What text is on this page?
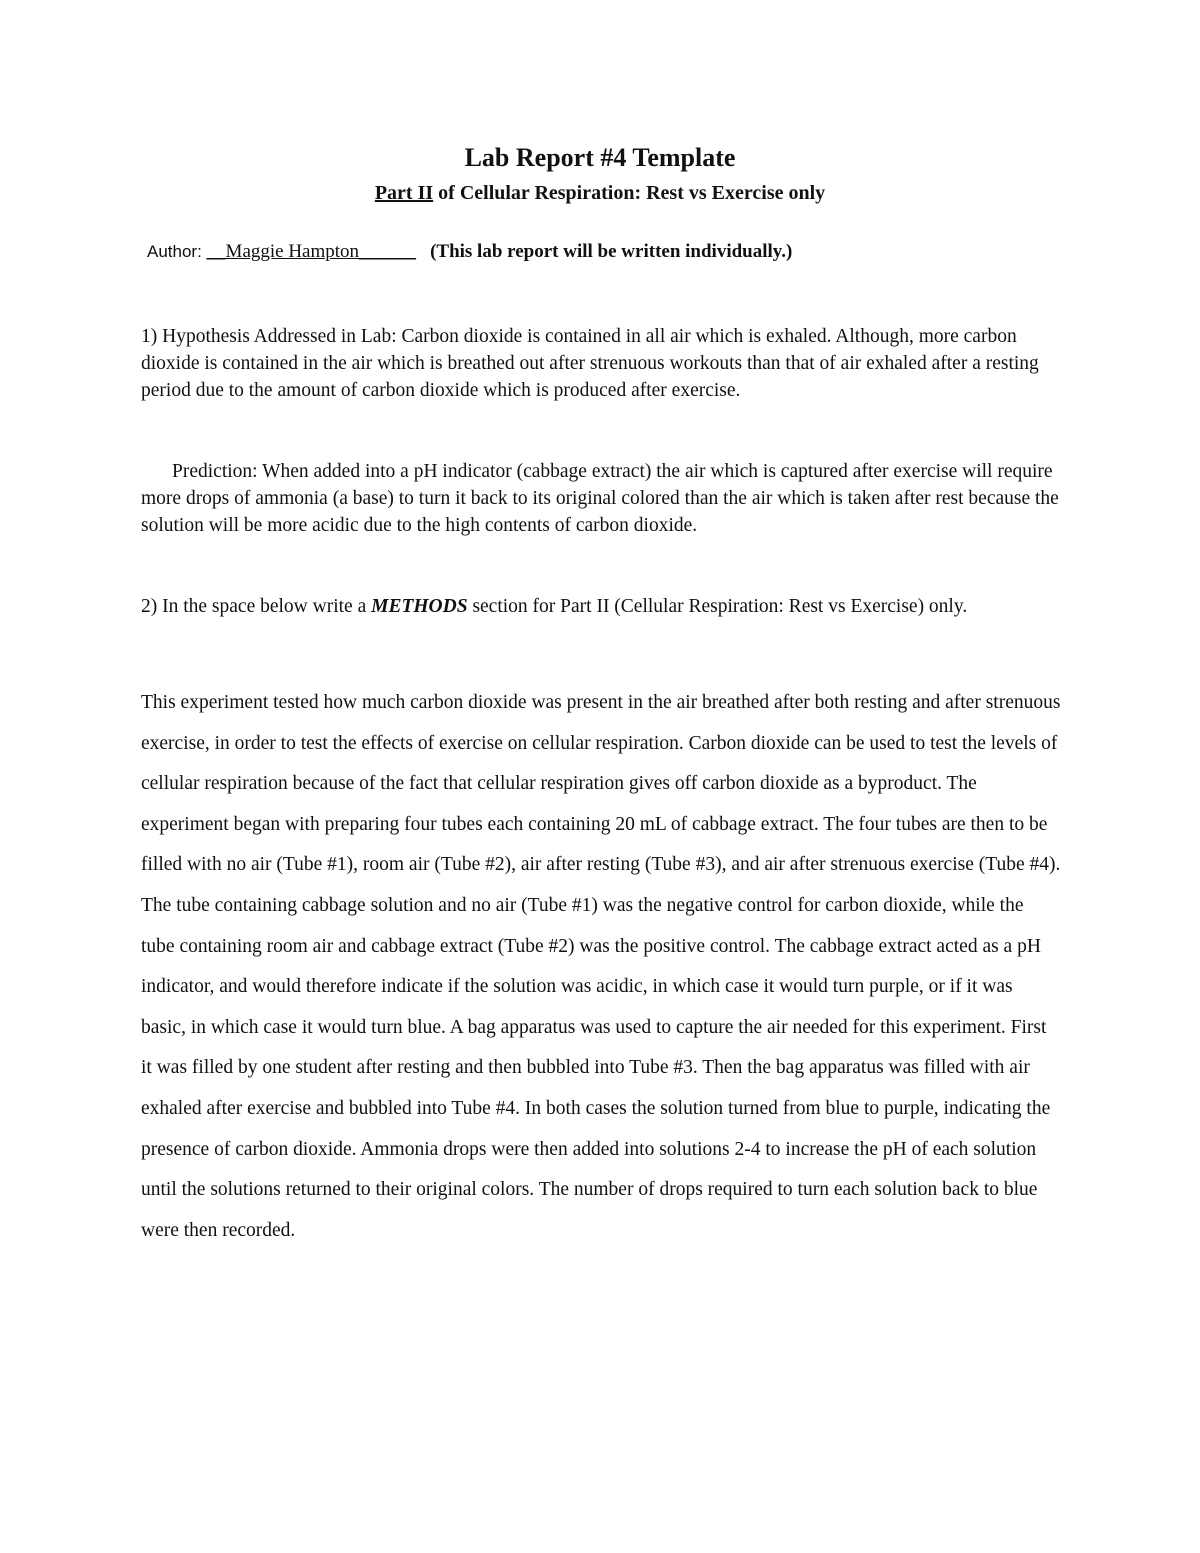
Lab Report #4 Template
Part II of Cellular Respiration: Rest vs Exercise only
Author: __Maggie Hampton______ (This lab report will be written individually.)
1) Hypothesis Addressed in Lab: Carbon dioxide is contained in all air which is exhaled. Although, more carbon dioxide is contained in the air which is breathed out after strenuous workouts than that of air exhaled after a resting period due to the amount of carbon dioxide which is produced after exercise.
Prediction: When added into a pH indicator (cabbage extract) the air which is captured after exercise will require more drops of ammonia (a base) to turn it back to its original colored than the air which is taken after rest because the solution will be more acidic due to the high contents of carbon dioxide.
2) In the space below write a METHODS section for Part II (Cellular Respiration: Rest vs Exercise) only.
This experiment tested how much carbon dioxide was present in the air breathed after both resting and after strenuous exercise, in order to test the effects of exercise on cellular respiration. Carbon dioxide can be used to test the levels of cellular respiration because of the fact that cellular respiration gives off carbon dioxide as a byproduct. The experiment began with preparing four tubes each containing 20 mL of cabbage extract. The four tubes are then to be filled with no air (Tube #1), room air (Tube #2), air after resting (Tube #3), and air after strenuous exercise (Tube #4). The tube containing cabbage solution and no air (Tube #1) was the negative control for carbon dioxide, while the tube containing room air and cabbage extract (Tube #2) was the positive control. The cabbage extract acted as a pH indicator, and would therefore indicate if the solution was acidic, in which case it would turn purple, or if it was basic, in which case it would turn blue. A bag apparatus was used to capture the air needed for this experiment. First it was filled by one student after resting and then bubbled into Tube #3. Then the bag apparatus was filled with air exhaled after exercise and bubbled into Tube #4. In both cases the solution turned from blue to purple, indicating the presence of carbon dioxide. Ammonia drops were then added into solutions 2-4 to increase the pH of each solution until the solutions returned to their original colors. The number of drops required to turn each solution back to blue were then recorded.
